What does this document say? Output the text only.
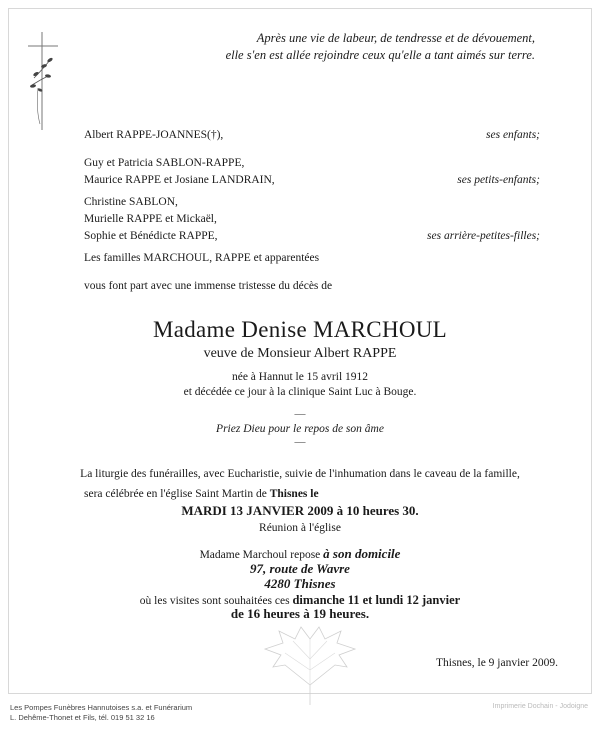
Après une vie de labeur, de tendresse et de dévouement,
elle s'en est allée rejoindre ceux qu'elle a tant aimés sur terre.
Albert RAPPE-JOANNES(†),	ses enfants;
Guy et Patricia SABLON-RAPPE,
Maurice RAPPE et Josiane LANDRAIN,	ses petits-enfants;
Christine SABLON,
Murielle RAPPE et Mickaël,
Sophie et Bénédicte RAPPE,	ses arrière-petites-filles;
Les familles MARCHOUL, RAPPE et apparentées
vous font part avec une immense tristesse du décès de
Madame Denise MARCHOUL
veuve de Monsieur Albert RAPPE
née à Hannut le 15 avril 1912
et décédée ce jour à la clinique Saint Luc à Bouge.
—
Priez Dieu pour le repos de son âme
—
La liturgie des funérailles, avec Eucharistie, suivie de l'inhumation dans le caveau de la famille,
sera célébrée en l'église Saint Martin de Thisnes le
MARDI 13 JANVIER 2009 à 10 heures 30.
Réunion à l'église
Madame Marchoul repose à son domicile
97, route de Wavre
4280 Thisnes
où les visites sont souhaitées ces dimanche 11 et lundi 12 janvier
de 16 heures à 19 heures.
Thisnes, le 9 janvier 2009.
Les Pompes Funèbres Hannutoises s.a. et Funérarium
L. Dehême-Thonet et Fils, tél. 019 51 32 16
Imprimerie Dochain - Jodoigne
